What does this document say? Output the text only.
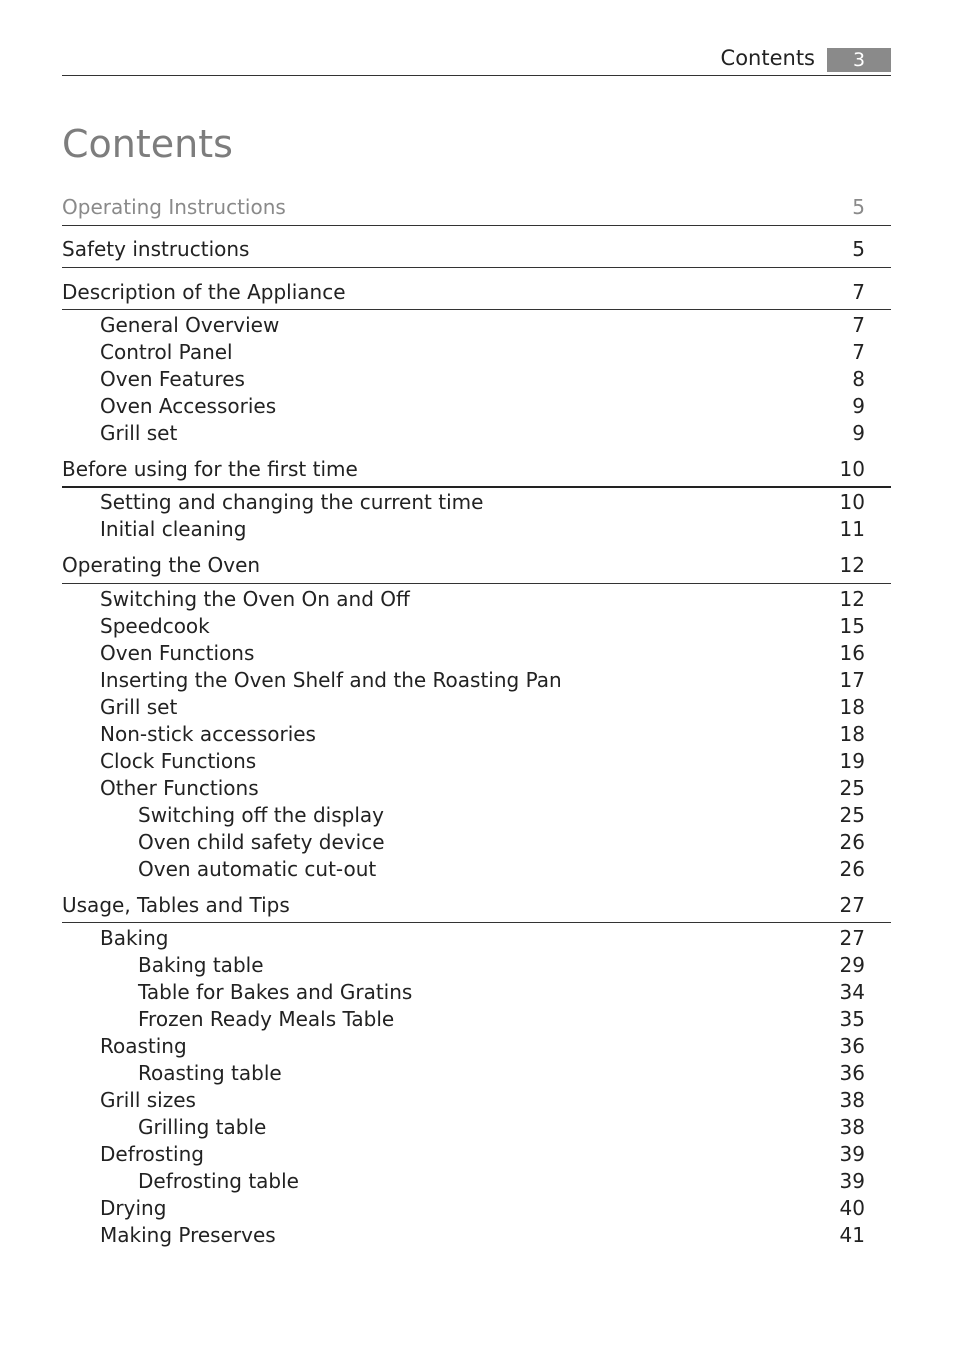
Contents	3
Contents
Operating Instructions	5
Safety instructions	5
Description of the Appliance	7
General Overview	7
Control Panel	7
Oven Features	8
Oven Accessories	9
Grill set	9
Before using for the first time	10
Setting and changing the current time	10
Initial cleaning	11
Operating the Oven	12
Switching the Oven On and Off	12
Speedcook	15
Oven Functions	16
Inserting the Oven Shelf and the Roasting Pan	17
Grill set	18
Non-stick accessories	18
Clock Functions	19
Other Functions	25
Switching off the display	25
Oven child safety device	26
Oven automatic cut-out	26
Usage, Tables and Tips	27
Baking	27
Baking table	29
Table for Bakes and Gratins	34
Frozen Ready Meals Table	35
Roasting	36
Roasting table	36
Grill sizes	38
Grilling table	38
Defrosting	39
Defrosting table	39
Drying	40
Making Preserves	41
